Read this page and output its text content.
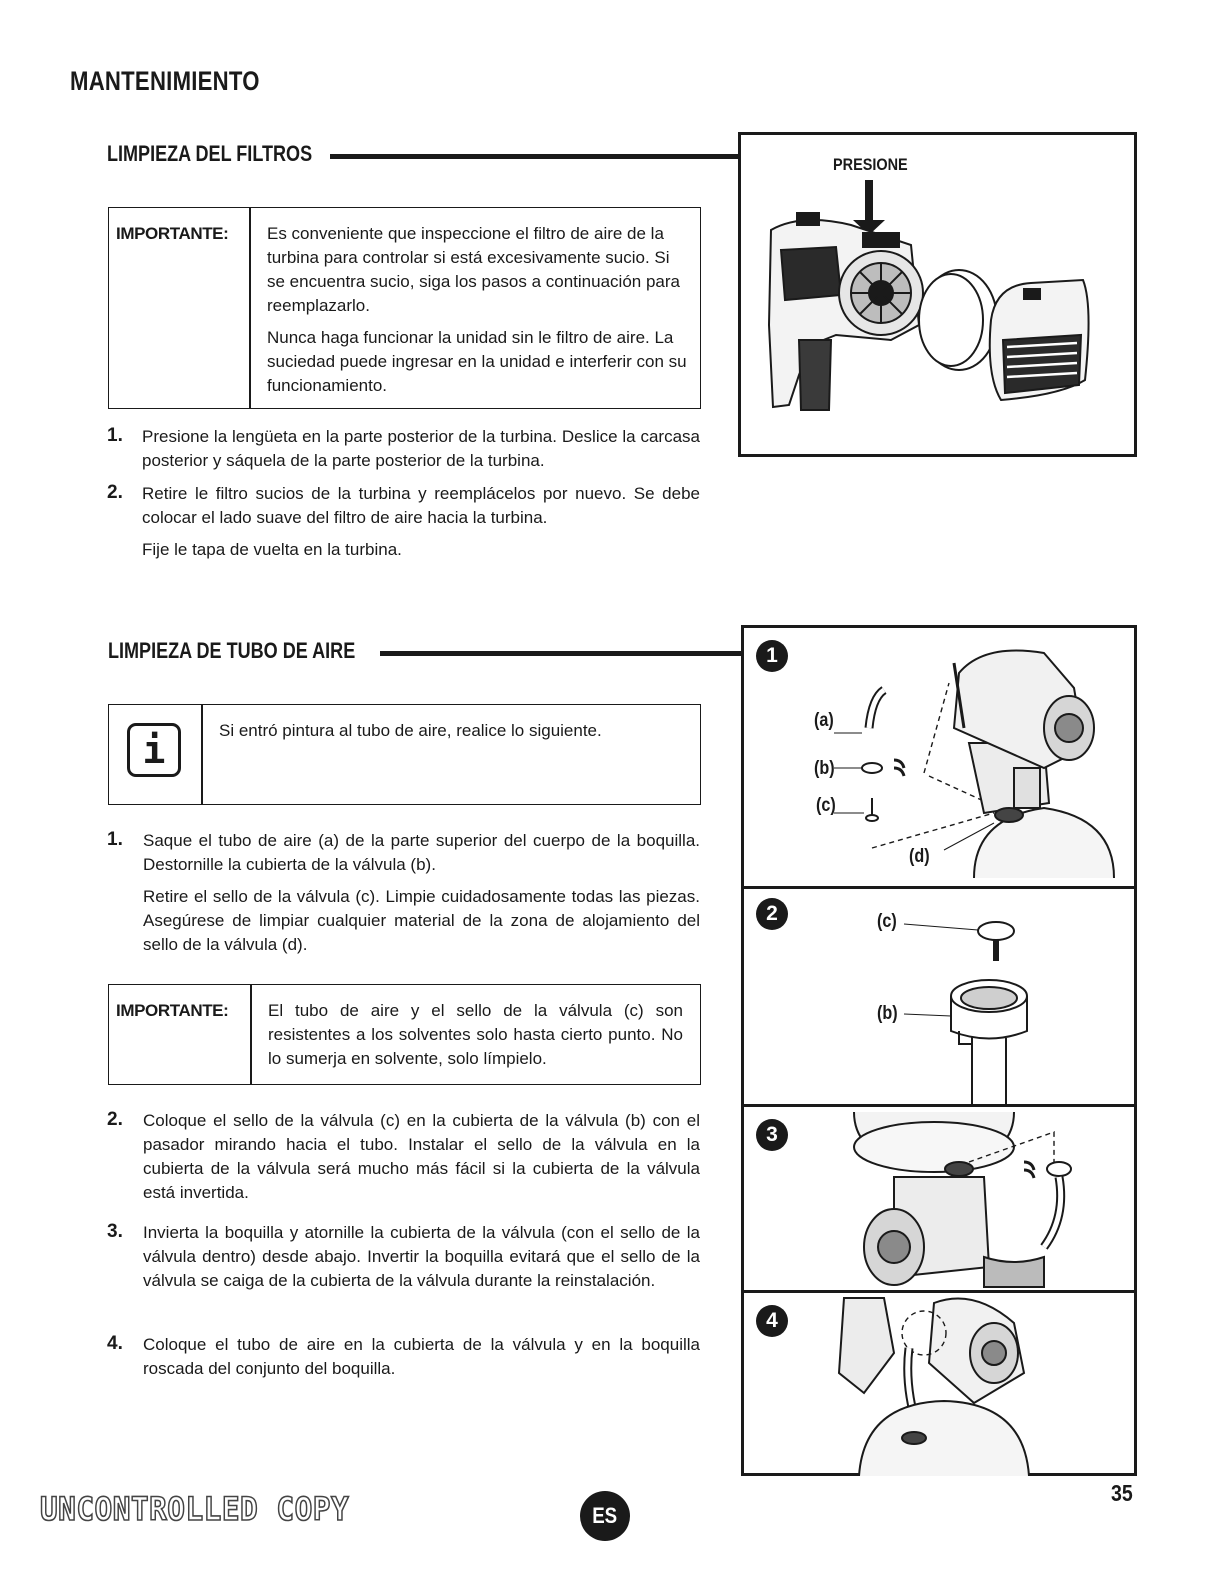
MANTENIMIENTO
LIMPIEZA DEL FILTROS
IMPORTANTE: Es conveniente que inspeccione el filtro de aire de la turbina para controlar si está excesivamente sucio. Si se encuentra sucio, siga los pasos a continuación para reemplazarlo.

Nunca haga funcionar la unidad sin le filtro de aire. La suciedad puede ingresar en la unidad e interferir con su funcionamiento.

1. Presione la lengüeta en la parte posterior de la turbina. Deslice la carcasa posterior y sáquela de la parte posterior de la turbina.
2. Retire le filtro sucios de la turbina y reemplácelos por nuevo. Se debe colocar el lado suave del filtro de aire hacia la turbina.
Fije le tapa de vuelta en la turbina.
PRESIONE
LIMPIEZA DE TUBO DE AIRE
i	Si entró pintura al tubo de aire, realice lo siguiente.
1. Saque el tubo de aire (a) de la parte superior del cuerpo de la boquilla. Destornille la cubierta de la válvula (b).
Retire el sello de la válvula (c). Limpie cuidadosamente todas las piezas. Asegúrese de limpiar cualquier material de la zona de alojamiento del sello de la válvula (d).
IMPORTANTE: El tubo de aire y el sello de la válvula (c) son resistentes a los solventes solo hasta cierto punto. No lo sumerja en solvente, solo límpielo.
2. Coloque el sello de la válvula (c) en la cubierta de la válvula (b) con el pasador mirando hacia el tubo. Instalar el sello de la válvula en la cubierta de la válvula será mucho más fácil si la cubierta de la válvula está invertida.
3. Invierta la boquilla y atornille la cubierta de la válvula (con el sello de la válvula dentro) desde abajo. Invertir la boquilla evitará que el sello de la válvula se caiga de la cubierta de la válvula durante la reinstalación.
4. Coloque el tubo de aire en la cubierta de la válvula y en la boquilla roscada del conjunto del boquilla.
1
(a)
(b)
(c)
(d)
2	(c)
(b)
3
4
UNCONTROLLED COPY	ES
35
